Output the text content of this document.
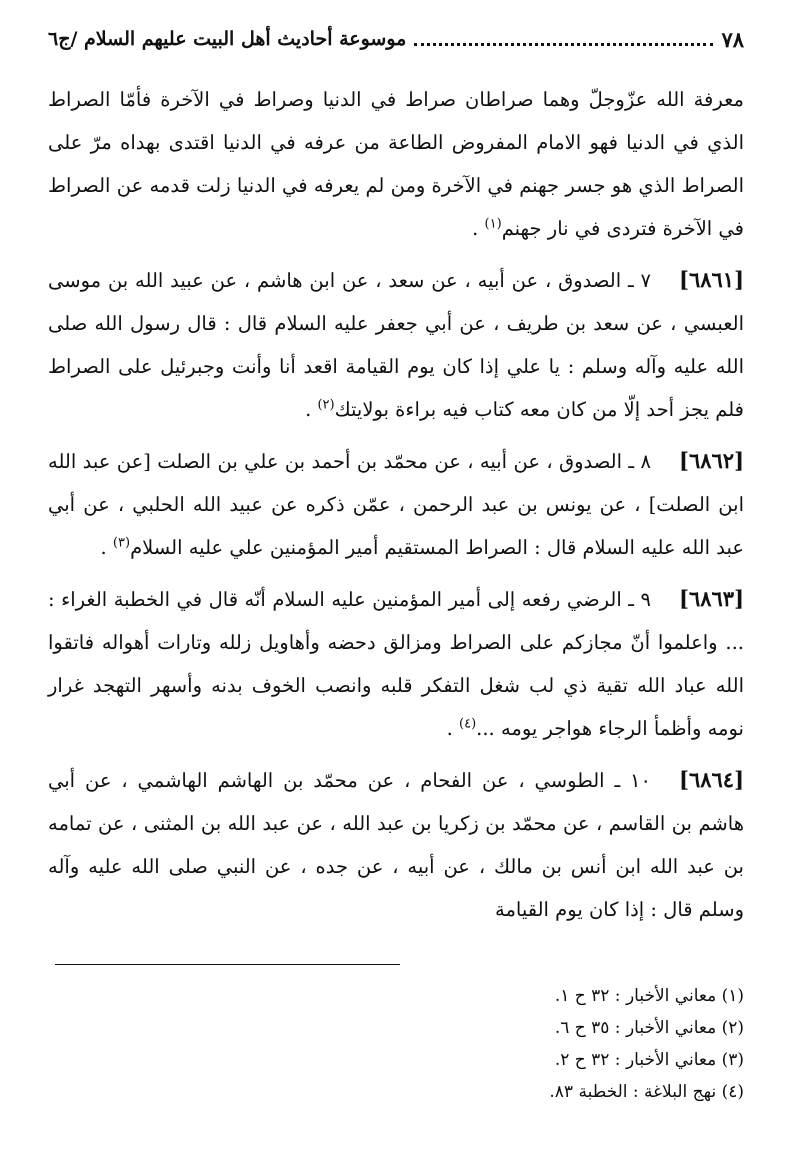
٧٨
موسوعة أحاديث أهل البيت عليهم السلام /ج٦

معرفة الله عزّوجلّ وهما صراطان صراط في الدنيا وصراط في الآخرة فأمّا الصراط الذي في الدنيا فهو الامام المفروض الطاعة من عرفه في الدنيا اقتدى بهداه مرّ على الصراط الذي هو جسر جهنم في الآخرة ومن لم يعرفه في الدنيا زلت قدمه عن الصراط في الآخرة فتردى في نار جهنم$^{(١)}$ .

[٦٨٦١]٧ ـ الصدوق ، عن أبيه ، عن سعد ، عن ابن هاشم ، عن عبيد الله بن موسى العبسي ، عن سعد بن طريف ، عن أبي جعفر عليه السلام قال : قال رسول الله صلى الله عليه وآله وسلم : يا علي إذا كان يوم القيامة اقعد أنا وأنت وجبرئيل على الصراط فلم يجز أحد إلّا من كان معه كتاب فيه براءة بولايتك$^{(٢)}$ .

[٦٨٦٢]٨ ـ الصدوق ، عن أبيه ، عن محمّد بن أحمد بن علي بن الصلت [عن عبد الله ابن الصلت] ، عن يونس بن عبد الرحمن ، عمّن ذكره عن عبيد الله الحلبي ، عن أبي عبد الله عليه السلام قال : الصراط المستقيم أمير المؤمنين علي عليه السلام$^{(٣)}$ .

[٦٨٦٣]٩ ـ الرضي رفعه إلى أمير المؤمنين عليه السلام أنّه قال في الخطبة الغراء : ... واعلموا أنّ مجازكم على الصراط ومزالق دحضه وأهاويل زلله وتارات أهواله فاتقوا الله عباد الله تقية ذي لب شغل التفكر قلبه وانصب الخوف بدنه وأسهر التهجد غرار نومه وأظمأ الرجاء هواجر يومه ...$^{(٤)}$ .

[٦٨٦٤]١٠ ـ الطوسي ، عن الفحام ، عن محمّد بن الهاشم الهاشمي ، عن أبي هاشم بن القاسم ، عن محمّد بن زكريا بن عبد الله ، عن عبد الله بن المثنى ، عن تمامه بن عبد الله ابن أنس بن مالك ، عن أبيه ، عن جده ، عن النبي صلى الله عليه وآله وسلم قال : إذا كان يوم القيامة

(١) معاني الأخبار : ٣٢ ح ١.
(٢) معاني الأخبار : ٣٥ ح ٦.
(٣) معاني الأخبار : ٣٢ ح ٢.
(٤) نهج البلاغة : الخطبة ٨٣.
